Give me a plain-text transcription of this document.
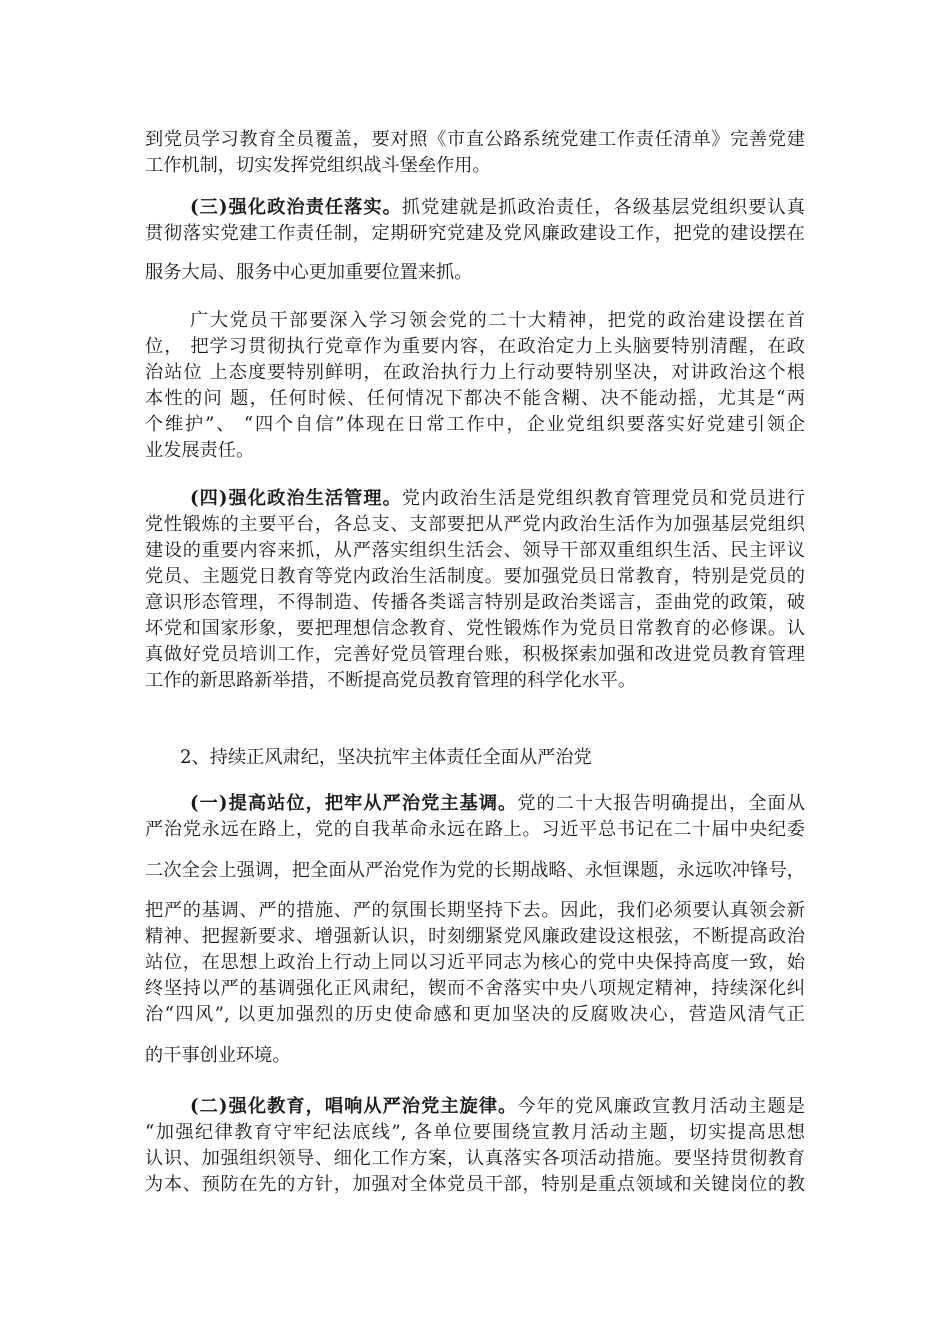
到党员学习教育全员覆盖，要对照《市直公路系统党建工作责任清单》完善党建
工作机制，切实发挥党组织战斗堡垒作用。
(三)强化政治责任落实。抓党建就是抓政治责任，各级基层党组织要认真
贯彻落实党建工作责任制，定期研究党建及党风廉政建设工作，把党的建设摆在
服务大局、服务中心更加重要位置来抓。
广大党员干部要深入学习领会党的二十大精神，把党的政治建设摆在首
位， 把学习贯彻执行党章作为重要内容，在政治定力上头脑要特别清醒，在政
治站位 上态度要特别鲜明，在政治执行力上行动要特别坚决，对讲政治这个根
本性的问 题，任何时候、任何情况下都决不能含糊、决不能动摇，尤其是“两
个维护”、 “四个自信”体现在日常工作中，企业党组织要落实好党建引领企
业发展责任。
(四)强化政治生活管理。党内政治生活是党组织教育管理党员和党员进行
党性锻炼的主要平台，各总支、支部要把从严党内政治生活作为加强基层党组织
建设的重要内容来抓，从严落实组织生活会、领导干部双重组织生活、民主评议
党员、主题党日教育等党内政治生活制度。要加强党员日常教育，特别是党员的
意识形态管理，不得制造、传播各类谣言特别是政治类谣言，歪曲党的政策，破
坏党和国家形象，要把理想信念教育、党性锻炼作为党员日常教育的必修课。认
真做好党员培训工作，完善好党员管理台账，积极探索加强和改进党员教育管理
工作的新思路新举措，不断提高党员教育管理的科学化水平。
2、持续正风肃纪，坚决抗牢主体责任全面从严治党
(一)提高站位，把牢从严治党主基调。党的二十大报告明确提出，全面从
严治党永远在路上，党的自我革命永远在路上。习近平总书记在二十届中央纪委
二次全会上强调，把全面从严治党作为党的长期战略、永恒课题，永远吹冲锋号，
把严的基调、严的措施、严的氛围长期坚持下去。因此，我们必须要认真领会新
精神、把握新要求、增强新认识，时刻绷紧党风廉政建设这根弦，不断提高政治
站位，在思想上政治上行动上同以习近平同志为核心的党中央保持高度一致，始
终坚持以严的基调强化正风肃纪，锲而不舍落实中央八项规定精神，持续深化纠
治“四风”, 以更加强烈的历史使命感和更加坚决的反腐败决心，营造风清气正
的干事创业环境。
(二)强化教育，唱响从严治党主旋律。今年的党风廉政宣教月活动主题是
“加强纪律教育守牢纪法底线”, 各单位要围绕宣教月活动主题，切实提高思想
认识、加强组织领导、细化工作方案，认真落实各项活动措施。要坚持贯彻教育
为本、预防在先的方针，加强对全体党员干部，特别是重点领域和关键岗位的教
